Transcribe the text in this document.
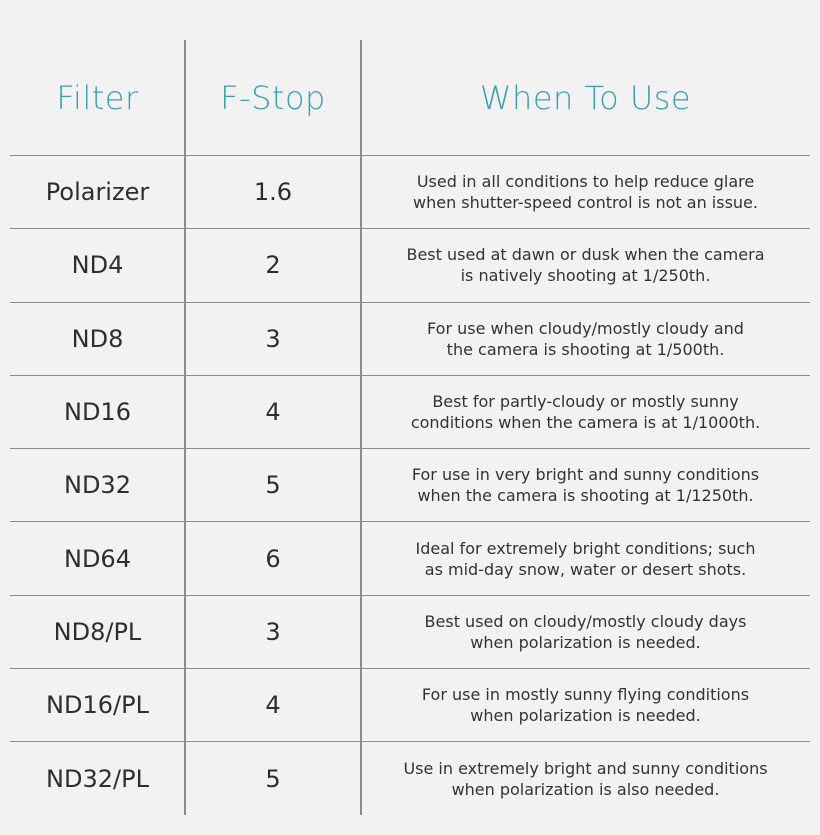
Filter	F-Stop	When To Use
Polarizer	1.6	Used in all conditions to help reduce glare
when shutter-speed control is not an issue.
ND4	2	Best used at dawn or dusk when the camera
is natively shooting at 1/250th.
ND8	3	For use when cloudy/mostly cloudy and
the camera is shooting at 1/500th.
ND16	4	Best for partly-cloudy or mostly sunny
conditions when the camera is at 1/1000th.
ND32	5	For use in very bright and sunny conditions
when the camera is shooting at 1/1250th.
ND64	6	Ideal for extremely bright conditions; such
as mid-day snow, water or desert shots.
ND8/PL	3	Best used on cloudy/mostly cloudy days
when polarization is needed.
ND16/PL	4	For use in mostly sunny flying conditions
when polarization is needed.
ND32/PL	5	Use in extremely bright and sunny conditions
when polarization is also needed.
